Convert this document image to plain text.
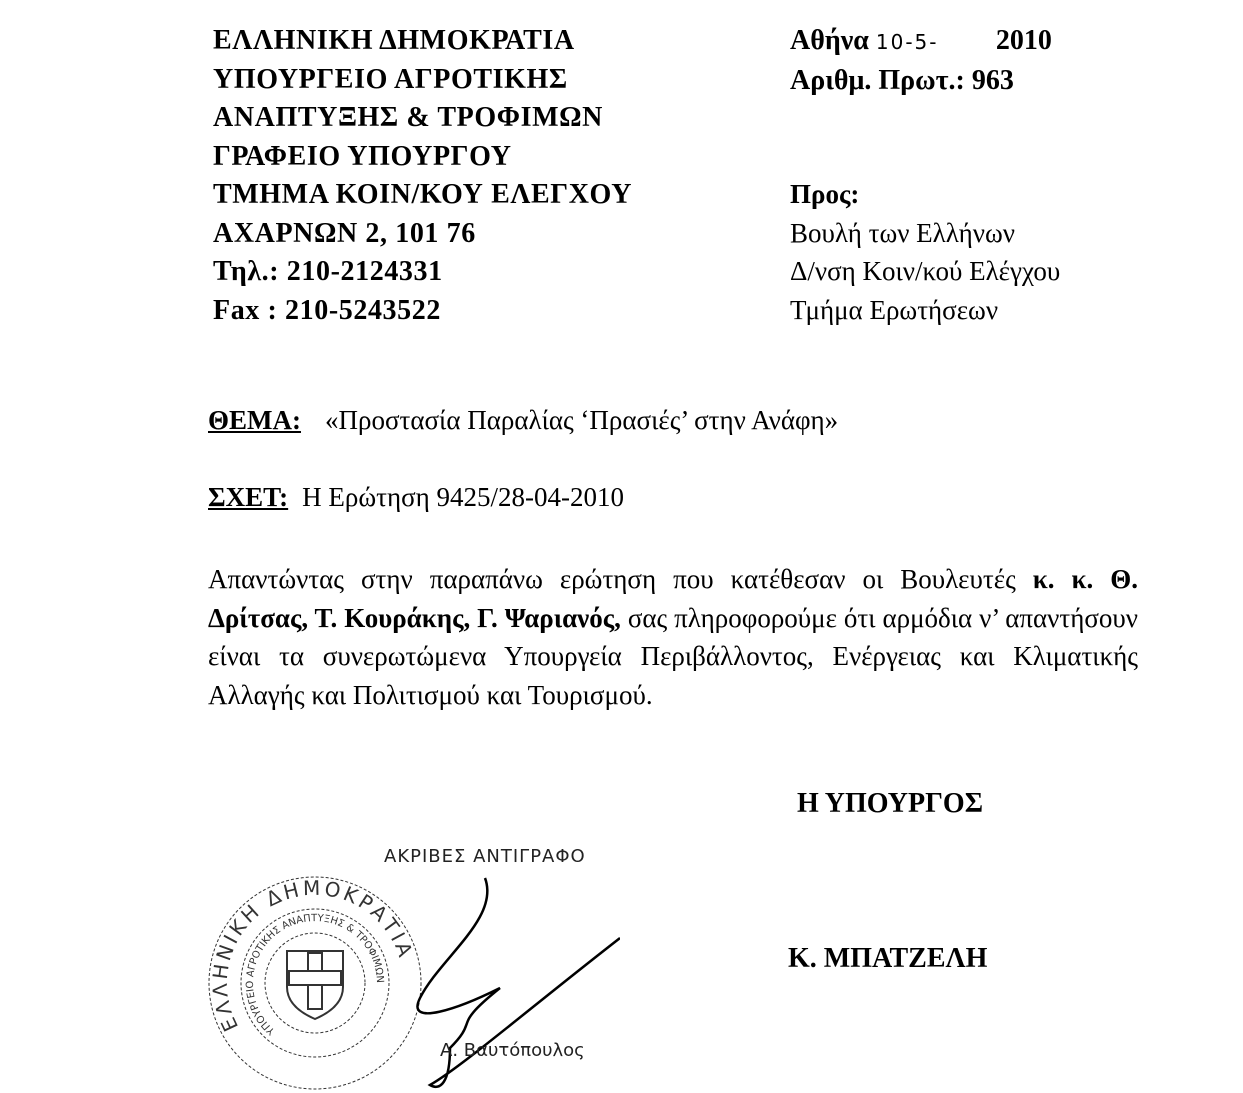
ΕΛΛΗΝΙΚΗ ΔΗΜΟΚΡΑΤΙΑ
ΥΠΟΥΡΓΕΙΟ ΑΓΡΟΤΙΚΗΣ
ΑΝΑΠΤΥΞΗΣ & ΤΡΟΦΙΜΩΝ
ΓΡΑΦΕΙΟ ΥΠΟΥΡΓΟΥ
ΤΜΗΜΑ ΚΟΙΝ/ΚΟΥ ΕΛΕΓΧΟΥ
ΑΧΑΡΝΩΝ 2, 101 76
Τηλ.: 210-2124331
Fax : 210-5243522
Αθήνα 10-5- 2010
Αριθμ. Πρωτ.: 963
Προς:
Βουλή των Ελλήνων
Δ/νση Κοιν/κού Ελέγχου
Τμήμα Ερωτήσεων
ΘΕΜΑ: «Προστασία Παραλίας ‘Πρασιές’ στην Ανάφη»
ΣΧΕΤ: Η Ερώτηση 9425/28-04-2010
Απαντώντας στην παραπάνω ερώτηση που κατέθεσαν οι Βουλευτές κ. κ. Θ. Δρίτσας, Τ. Κουράκης, Γ. Ψαριανός, σας πληροφορούμε ότι αρμόδια ν’ απαντήσουν είναι τα συνερωτώμενα Υπουργεία Περιβάλλοντος, Ενέργειας και Κλιματικής Αλλαγής και Πολιτισμού και Τουρισμού.
Η ΥΠΟΥΡΓΟΣ
Κ. ΜΠΑΤΖΕΛΗ
ΑΚΡΙΒΕΣ ΑΝΤΙΓΡΑΦΟ
ΕΛΛΗΝΙΚΗ ΔΗΜΟΚΡΑΤΙΑ
ΥΠΟΥΡΓΕΙΟ ΑΓΡΟΤΙΚΗΣ ΑΝΑΠΤΥΞΗΣ & ΤΡΟΦΙΜΩΝ
Α. Βαυτόπουλος
